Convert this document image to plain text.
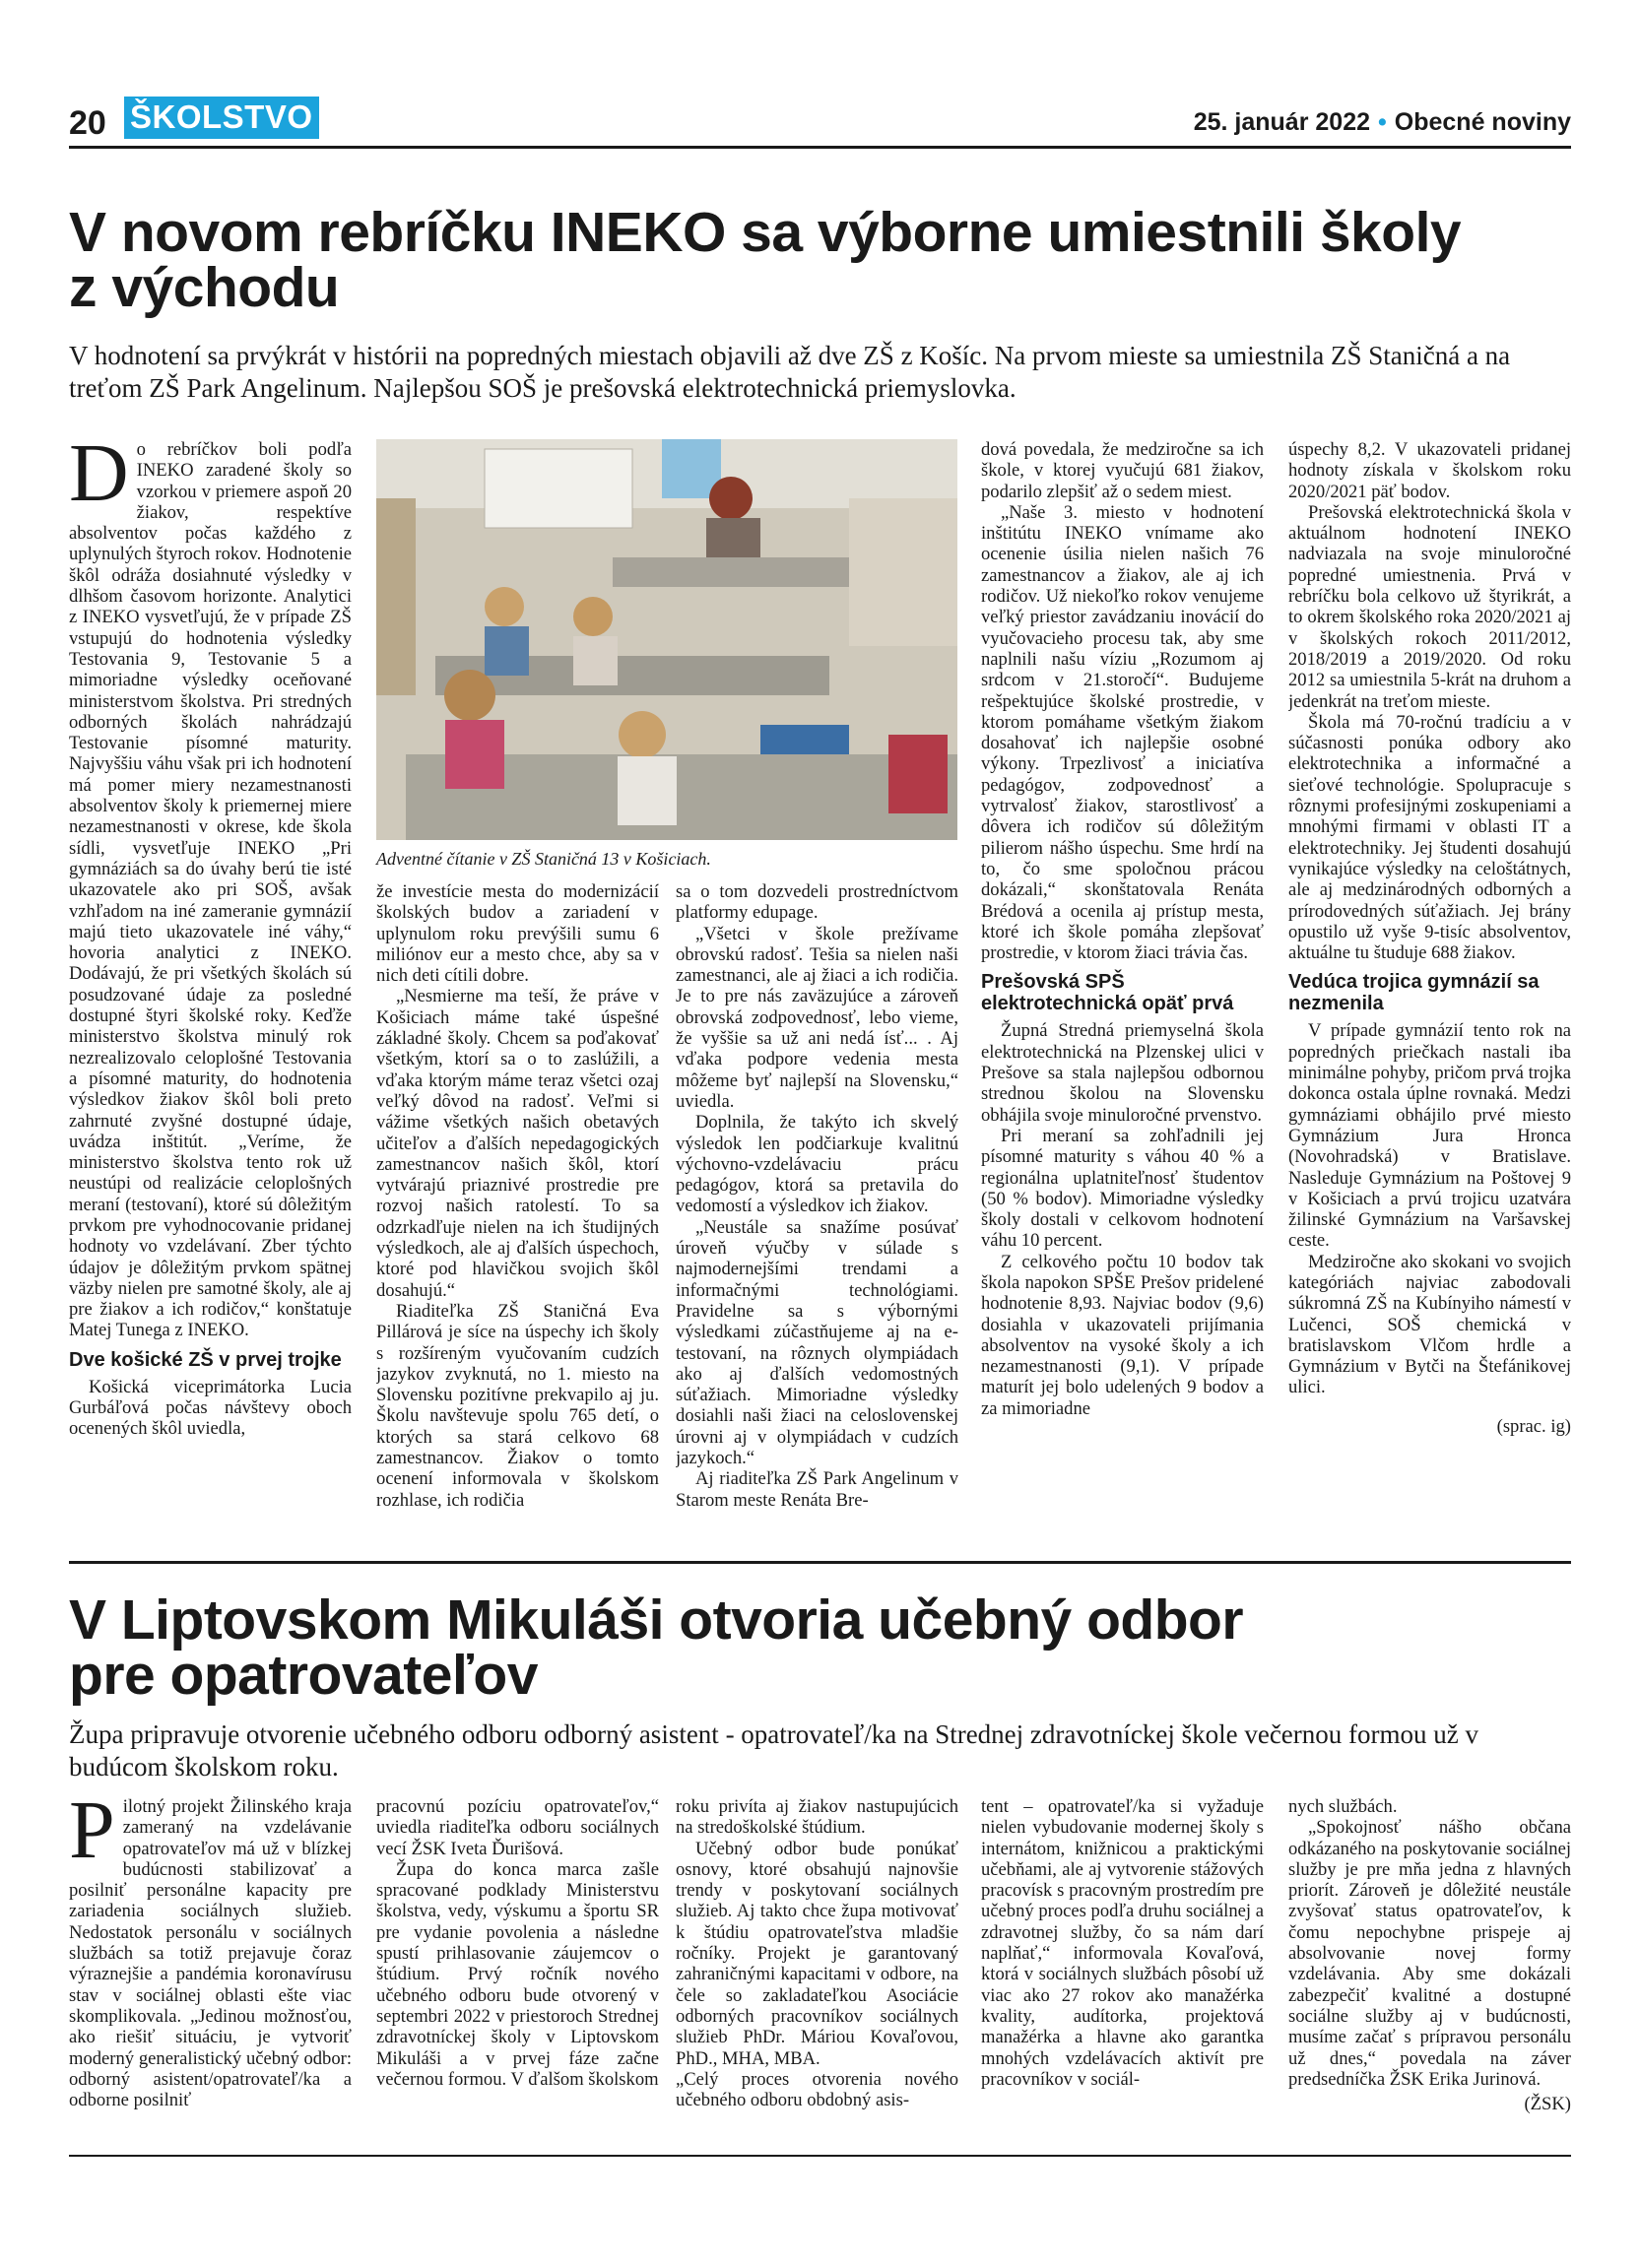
20 ŠKOLSTVO	25. január 2022 • Obecné noviny
V novom rebríčku INEKO sa výborne umiestnili školy
z východu

V hodnotení sa prvýkrát v histórii na popredných miestach objavili až dve ZŠ z Košíc. Na prvom mieste sa umiestnila ZŠ Staničná a na treťom ZŠ Park Angelinum. Najlepšou SOŠ je prešovská elektrotechnická priemyslovka.

Do rebríčkov boli podľa INEKO zaradené školy so vzorkou v priemere aspoň 20 žiakov, respektíve absolventov počas každého z uplynulých štyroch rokov. Hodnotenie škôl odráža dosiahnuté výsledky v dlhšom časovom horizonte. Analytici z INEKO vysvetľujú, že v prípade ZŠ vstupujú do hodnotenia výsledky Testovania 9, Testovanie 5 a mimoriadne výsledky oceňované ministerstvom školstva. Pri stredných odborných školách nahrádzajú Testovanie písomné maturity. Najvyššiu váhu však pri ich hodnotení má pomer miery nezamestnanosti absolventov školy k priemernej miere nezamestnanosti v okrese, kde škola sídli, vysvetľuje INEKO „Pri gymnáziách sa do úvahy berú tie isté ukazovatele ako pri SOŠ, avšak vzhľadom na iné zameranie gymnázií majú tieto ukazovatele iné váhy,“ hovoria analytici z INEKO. Dodávajú, že pri všetkých školách sú posudzované údaje za posledné dostupné štyri školské roky. Keďže ministerstvo školstva minulý rok nezrealizovalo celoplošné Testovania a písomné maturity, do hodnotenia výsledkov žiakov škôl boli preto zahrnuté zvyšné dostupné údaje, uvádza inštitút. „Veríme, že ministerstvo školstva tento rok už neustúpi od realizácie celoplošných meraní (testovaní), ktoré sú dôležitým prvkom pre vyhodnocovanie pridanej hodnoty vo vzdelávaní. Zber týchto údajov je dôležitým prvkom spätnej väzby nielen pre samotné školy, ale aj pre žiakov a ich rodičov,“ konštatuje Matej Tunega z INEKO.

Dve košické ZŠ v prvej trojke

Košická viceprimátorka Lucia Gurbáľová počas návštevy oboch ocenených škôl uviedla,

Adventné čítanie v ZŠ Staničná 13 v Košiciach.

že investície mesta do modernizácií školských budov a zariadení v uplynulom roku prevýšili sumu 6 miliónov eur a mesto chce, aby sa v nich deti cítili dobre.

„Nesmierne ma teší, že práve v Košiciach máme také úspešné základné školy. Chcem sa poďakovať všetkým, ktorí sa o to zaslúžili, a vďaka ktorým máme teraz všetci ozaj veľký dôvod na radosť. Veľmi si vážime všetkých našich obetavých učiteľov a ďalších nepedagogických zamestnancov našich škôl, ktorí vytvárajú priaznivé prostredie pre rozvoj našich ratolestí. To sa odzrkadľuje nielen na ich študijných výsledkoch, ale aj ďalších úspechoch, ktoré pod hlavičkou svojich škôl dosahujú.“

Riaditeľka ZŠ Staničná Eva Pillárová je síce na úspechy ich školy s rozšíreným vyučovaním cudzích jazykov zvyknutá, no 1. miesto na Slovensku pozitívne prekvapilo aj ju. Školu navštevuje spolu 765 detí, o ktorých sa stará celkovo 68 zamestnancov. Žiakov o tomto ocenení informovala v školskom rozhlase, ich rodičia

sa o tom dozvedeli prostredníctvom platformy edupage.

„Všetci v škole prežívame obrovskú radosť. Tešia sa nielen naši zamestnanci, ale aj žiaci a ich rodičia. Je to pre nás zaväzujúce a zároveň obrovská zodpovednosť, lebo vieme, že vyššie sa už ani nedá ísť... . Aj vďaka podpore vedenia mesta môžeme byť najlepší na Slovensku,“ uviedla.

Doplnila, že takýto ich skvelý výsledok len podčiarkuje kvalitnú výchovno-vzdelávaciu prácu pedagógov, ktorá sa pretavila do vedomostí a výsledkov ich žiakov.

„Neustále sa snažíme posúvať úroveň výučby v súlade s najmodernejšími trendami a informačnými technológiami. Pravidelne sa s výbornými výsledkami zúčastňujeme aj na e-testovaní, na rôznych olympiádach ako aj ďalších vedomostných súťažiach. Mimoriadne výsledky dosiahli naši žiaci na celoslovenskej úrovni aj v olympiádach v cudzích jazykoch.“

Aj riaditeľka ZŠ Park Angelinum v Starom meste Renáta Bre-

dová povedala, že medziročne sa ich škole, v ktorej vyučujú 681 žiakov, podarilo zlepšiť až o sedem miest.

„Naše 3. miesto v hodnotení inštitútu INEKO vnímame ako ocenenie úsilia nielen našich 76 zamestnancov a žiakov, ale aj ich rodičov. Už niekoľko rokov venujeme veľký priestor zavádzaniu inovácií do vyučovacieho procesu tak, aby sme naplnili našu víziu „Rozumom aj srdcom v 21.storočí“. Budujeme rešpektujúce školské prostredie, v ktorom pomáhame všetkým žiakom dosahovať ich najlepšie osobné výkony. Trpezlivosť a iniciatíva pedagógov, zodpovednosť a vytrvalosť žiakov, starostlivosť a dôvera ich rodičov sú dôležitým pilierom nášho úspechu. Sme hrdí na to, čo sme spoločnou prácou dokázali,“ skonštatovala Renáta Brédová a ocenila aj prístup mesta, ktoré ich škole pomáha zlepšovať prostredie, v ktorom žiaci trávia čas.

Prešovská SPŠ elektrotechnická opäť prvá

Župná Stredná priemyselná škola elektrotechnická na Plzenskej ulici v Prešove sa stala najlepšou odbornou strednou školou na Slovensku obhájila svoje minuloročné prvenstvo.

Pri meraní sa zohľadnili jej písomné maturity s váhou 40 % a regionálna uplatniteľnosť študentov (50 % bodov). Mimoriadne výsledky školy dostali v celkovom hodnotení váhu 10 percent.

Z celkového počtu 10 bodov tak škola napokon SPŠE Prešov pridelené hodnotenie 8,93. Najviac bodov (9,6) dosiahla v ukazovateli prijímania absolventov na vysoké školy a ich nezamestnanosti (9,1). V prípade maturít jej bolo udelených 9 bodov a za mimoriadne

úspechy 8,2. V ukazovateli pridanej hodnoty získala v školskom roku 2020/2021 päť bodov.

Prešovská elektrotechnická škola v aktuálnom hodnotení INEKO nadviazala na svoje minuloročné popredné umiestnenia. Prvá v rebríčku bola celkovo už štyrikrát, a to okrem školského roka 2020/2021 aj v školských rokoch 2011/2012, 2018/2019 a 2019/2020. Od roku 2012 sa umiestnila 5-krát na druhom a jedenkrát na treťom mieste.

Škola má 70-ročnú tradíciu a v súčasnosti ponúka odbory ako elektrotechnika a informačné a sieťové technológie. Spolupracuje s rôznymi profesijnými zoskupeniami a mnohými firmami v oblasti IT a elektrotechniky. Jej študenti dosahujú vynikajúce výsledky na celoštátnych, ale aj medzinárodných odborných a prírodovedných súťažiach. Jej brány opustilo už vyše 9-tisíc absolventov, aktuálne tu študuje 688 žiakov.

Vedúca trojica gymnázií sa nezmenila

V prípade gymnázií tento rok na popredných priečkach nastali iba minimálne pohyby, pričom prvá trojka dokonca ostala úplne rovnaká. Medzi gymnáziami obhájilo prvé miesto Gymnázium Jura Hronca (Novohradská) v Bratislave. Nasleduje Gymnázium na Poštovej 9 v Košiciach a prvú trojicu uzatvára žilinské Gymnázium na Varšavskej ceste.

Medziročne ako skokani vo svojich kategóriách najviac zabodovali súkromná ZŠ na Kubínyiho námestí v Lučenci, SOŠ chemická v bratislavskom Vlčom hrdle a Gymnázium v Bytči na Štefánikovej ulici.

(sprac. ig)
V Liptovskom Mikuláši otvoria učebný odbor
pre opatrovateľov

Župa pripravuje otvorenie učebného odboru odborný asistent - opatrovateľ/ka na Strednej zdravotníckej škole večernou formou už v budúcom školskom roku.

Pilotný projekt Žilinského kraja zameraný na vzdelávanie opatrovateľov má už v blízkej budúcnosti stabilizovať a posilniť personálne kapacity pre zariadenia sociálnych služieb. Nedostatok personálu v sociálnych službách sa totiž prejavuje čoraz výraznejšie a pandémia koronavírusu stav v sociálnej oblasti ešte viac skomplikovala. „Jedinou možnosťou, ako riešiť situáciu, je vytvoriť moderný generalistický učebný odbor: odborný asistent/opatrovateľ/ka a odborne posilniť

pracovnú pozíciu opatrovateľov,“ uviedla riaditeľka odboru sociálnych vecí ŽSK Iveta Ďurišová.

Župa do konca marca zašle spracované podklady Ministerstvu školstva, vedy, výskumu a športu SR pre vydanie povolenia a následne spustí prihlasovanie záujemcov o štúdium. Prvý ročník nového učebného odboru bude otvorený v septembri 2022 v priestoroch Strednej zdravotníckej školy v Liptovskom Mikuláši a v prvej fáze začne večernou formou. V ďalšom školskom

roku privíta aj žiakov nastupujúcich na stredoškolské štúdium.

Učebný odbor bude ponúkať osnovy, ktoré obsahujú najnovšie trendy v poskytovaní sociálnych služieb. Aj takto chce župa motivovať k štúdiu opatrovateľstva mladšie ročníky. Projekt je garantovaný zahraničnými kapacitami v odbore, na čele so zakladateľkou Asociácie odborných pracovníkov sociálnych služieb PhDr. Máriou Kovaľovou, PhD., MHA, MBA.

„Celý proces otvorenia nového učebného odboru obdobný asis-

tent – opatrovateľ/ka si vyžaduje nielen vybudovanie modernej školy s internátom, knižnicou a praktickými učebňami, ale aj vytvorenie stážových pracovísk s pracovným prostredím pre učebný proces podľa druhu sociálnej a zdravotnej služby, čo sa nám darí naplňať,“ informovala Kovaľová, ktorá v sociálnych službách pôsobí už viac ako 27 rokov ako manažérka kvality, audítorka, projektová manažérka a hlavne ako garantka mnohých vzdelávacích aktivít pre pracovníkov v sociál-

nych službách.

„Spokojnosť nášho občana odkázaného na poskytovanie sociálnej služby je pre mňa jedna z hlavných priorít. Zároveň je dôležité neustále zvyšovať status opatrovateľov, k čomu nepochybne prispeje aj absolvovanie novej formy vzdelávania. Aby sme dokázali zabezpečiť kvalitné a dostupné sociálne služby aj v budúcnosti, musíme začať s prípravou personálu už dnes,“ povedala na záver predsedníčka ŽSK Erika Jurinová.

(ŽSK)
